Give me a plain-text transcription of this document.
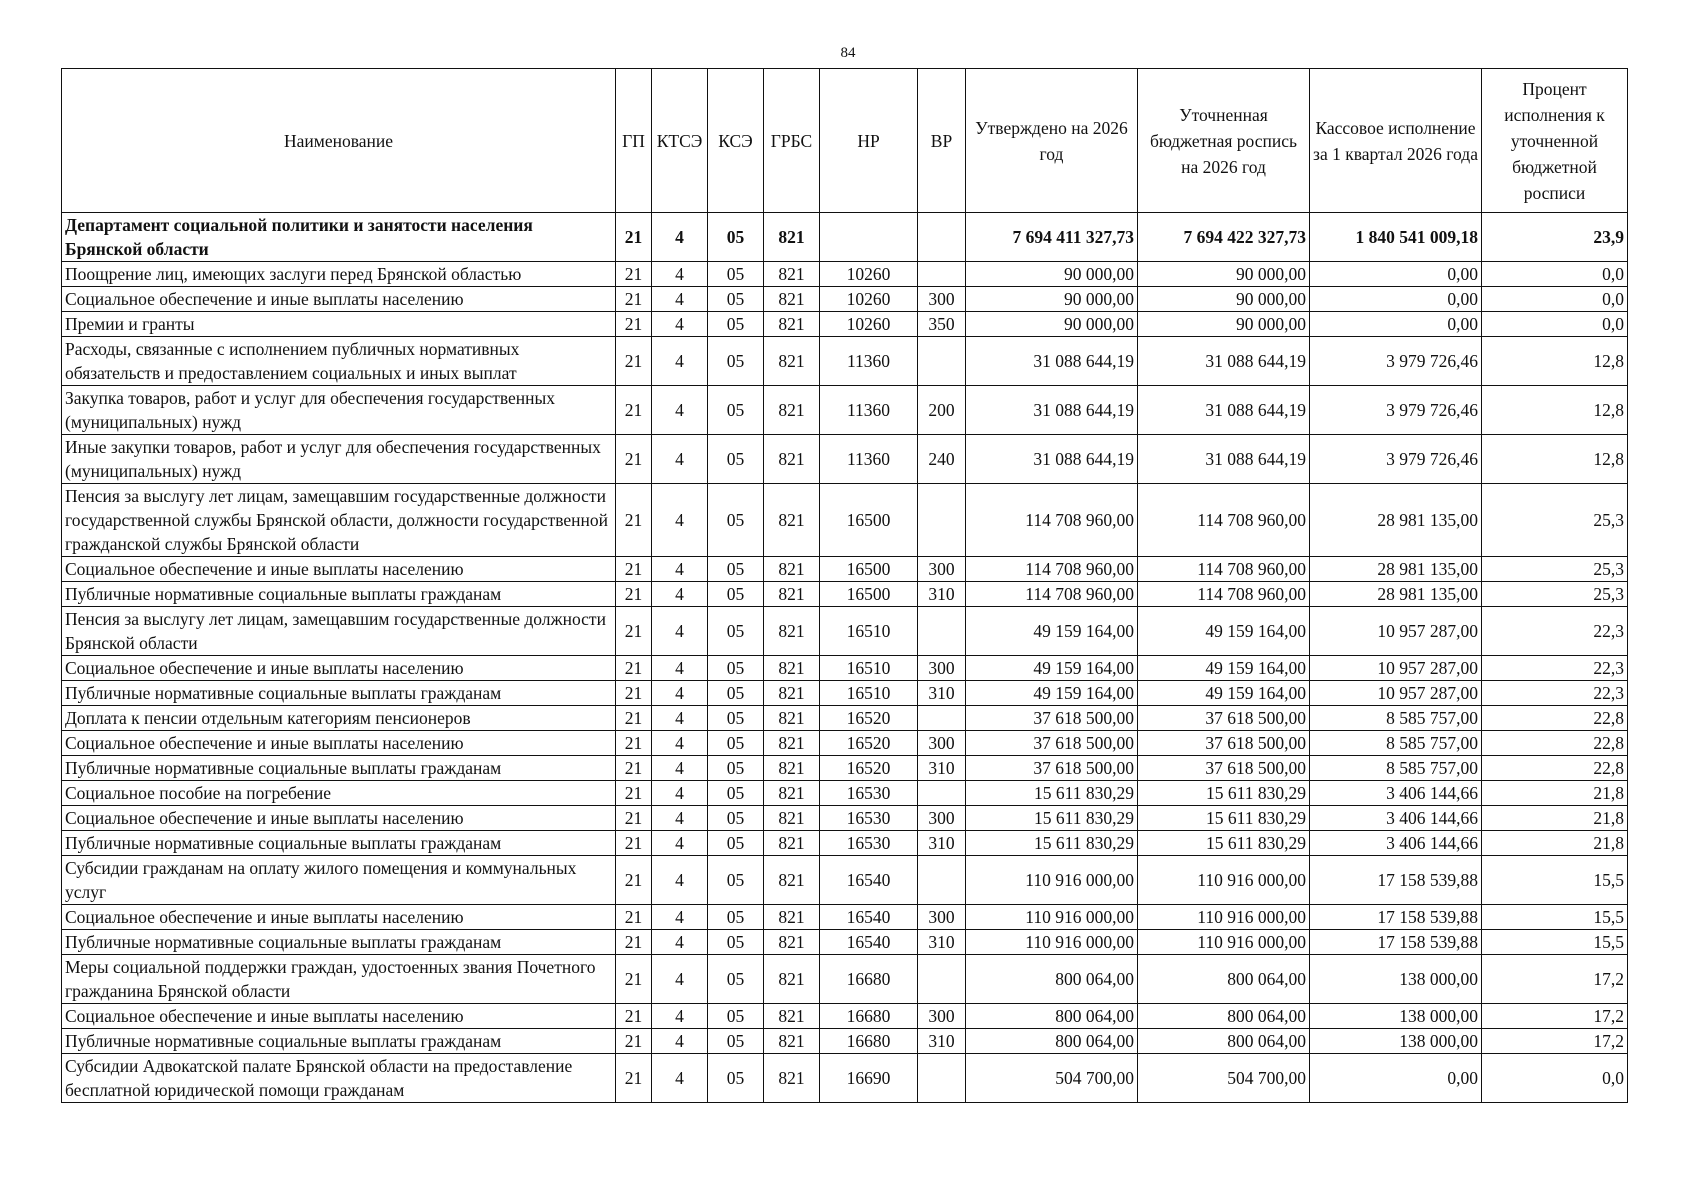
84
Наименование	ГП	КТСЭ	КСЭ	ГРБС	НР	ВР	Утверждено на 2026 год	Уточненная бюджетная роспись на 2026 год	Кассовое исполнение за 1 квартал 2026 года	Процент исполнения к уточненной бюджетной росписи
Департамент социальной политики и занятости населения Брянской области	21	4	05	821			7 694 411 327,73	7 694 422 327,73	1 840 541 009,18	23,9
Поощрение лиц, имеющих заслуги перед Брянской областью	21	4	05	821	10260		90 000,00	90 000,00	0,00	0,0
Социальное обеспечение и иные выплаты населению	21	4	05	821	10260	300	90 000,00	90 000,00	0,00	0,0
Премии и гранты	21	4	05	821	10260	350	90 000,00	90 000,00	0,00	0,0
Расходы, связанные с исполнением публичных нормативных обязательств и предоставлением социальных и иных выплат	21	4	05	821	11360		31 088 644,19	31 088 644,19	3 979 726,46	12,8
Закупка товаров, работ и услуг для обеспечения государственных (муниципальных) нужд	21	4	05	821	11360	200	31 088 644,19	31 088 644,19	3 979 726,46	12,8
Иные закупки товаров, работ и услуг для обеспечения государственных (муниципальных) нужд	21	4	05	821	11360	240	31 088 644,19	31 088 644,19	3 979 726,46	12,8
Пенсия за выслугу лет лицам, замещавшим государственные должности государственной службы Брянской области, должности государственной гражданской службы Брянской области	21	4	05	821	16500		114 708 960,00	114 708 960,00	28 981 135,00	25,3
Социальное обеспечение и иные выплаты населению	21	4	05	821	16500	300	114 708 960,00	114 708 960,00	28 981 135,00	25,3
Публичные нормативные социальные выплаты гражданам	21	4	05	821	16500	310	114 708 960,00	114 708 960,00	28 981 135,00	25,3
Пенсия за выслугу лет лицам, замещавшим государственные должности Брянской области	21	4	05	821	16510		49 159 164,00	49 159 164,00	10 957 287,00	22,3
Социальное обеспечение и иные выплаты населению	21	4	05	821	16510	300	49 159 164,00	49 159 164,00	10 957 287,00	22,3
Публичные нормативные социальные выплаты гражданам	21	4	05	821	16510	310	49 159 164,00	49 159 164,00	10 957 287,00	22,3
Доплата к пенсии отдельным категориям пенсионеров	21	4	05	821	16520		37 618 500,00	37 618 500,00	8 585 757,00	22,8
Социальное обеспечение и иные выплаты населению	21	4	05	821	16520	300	37 618 500,00	37 618 500,00	8 585 757,00	22,8
Публичные нормативные социальные выплаты гражданам	21	4	05	821	16520	310	37 618 500,00	37 618 500,00	8 585 757,00	22,8
Социальное пособие на погребение	21	4	05	821	16530		15 611 830,29	15 611 830,29	3 406 144,66	21,8
Социальное обеспечение и иные выплаты населению	21	4	05	821	16530	300	15 611 830,29	15 611 830,29	3 406 144,66	21,8
Публичные нормативные социальные выплаты гражданам	21	4	05	821	16530	310	15 611 830,29	15 611 830,29	3 406 144,66	21,8
Субсидии гражданам на оплату жилого помещения и коммунальных услуг	21	4	05	821	16540		110 916 000,00	110 916 000,00	17 158 539,88	15,5
Социальное обеспечение и иные выплаты населению	21	4	05	821	16540	300	110 916 000,00	110 916 000,00	17 158 539,88	15,5
Публичные нормативные социальные выплаты гражданам	21	4	05	821	16540	310	110 916 000,00	110 916 000,00	17 158 539,88	15,5
Меры социальной поддержки граждан, удостоенных звания Почетного гражданина Брянской области	21	4	05	821	16680		800 064,00	800 064,00	138 000,00	17,2
Социальное обеспечение и иные выплаты населению	21	4	05	821	16680	300	800 064,00	800 064,00	138 000,00	17,2
Публичные нормативные социальные выплаты гражданам	21	4	05	821	16680	310	800 064,00	800 064,00	138 000,00	17,2
Субсидии Адвокатской палате Брянской области на предоставление бесплатной юридической помощи гражданам	21	4	05	821	16690		504 700,00	504 700,00	0,00	0,0
